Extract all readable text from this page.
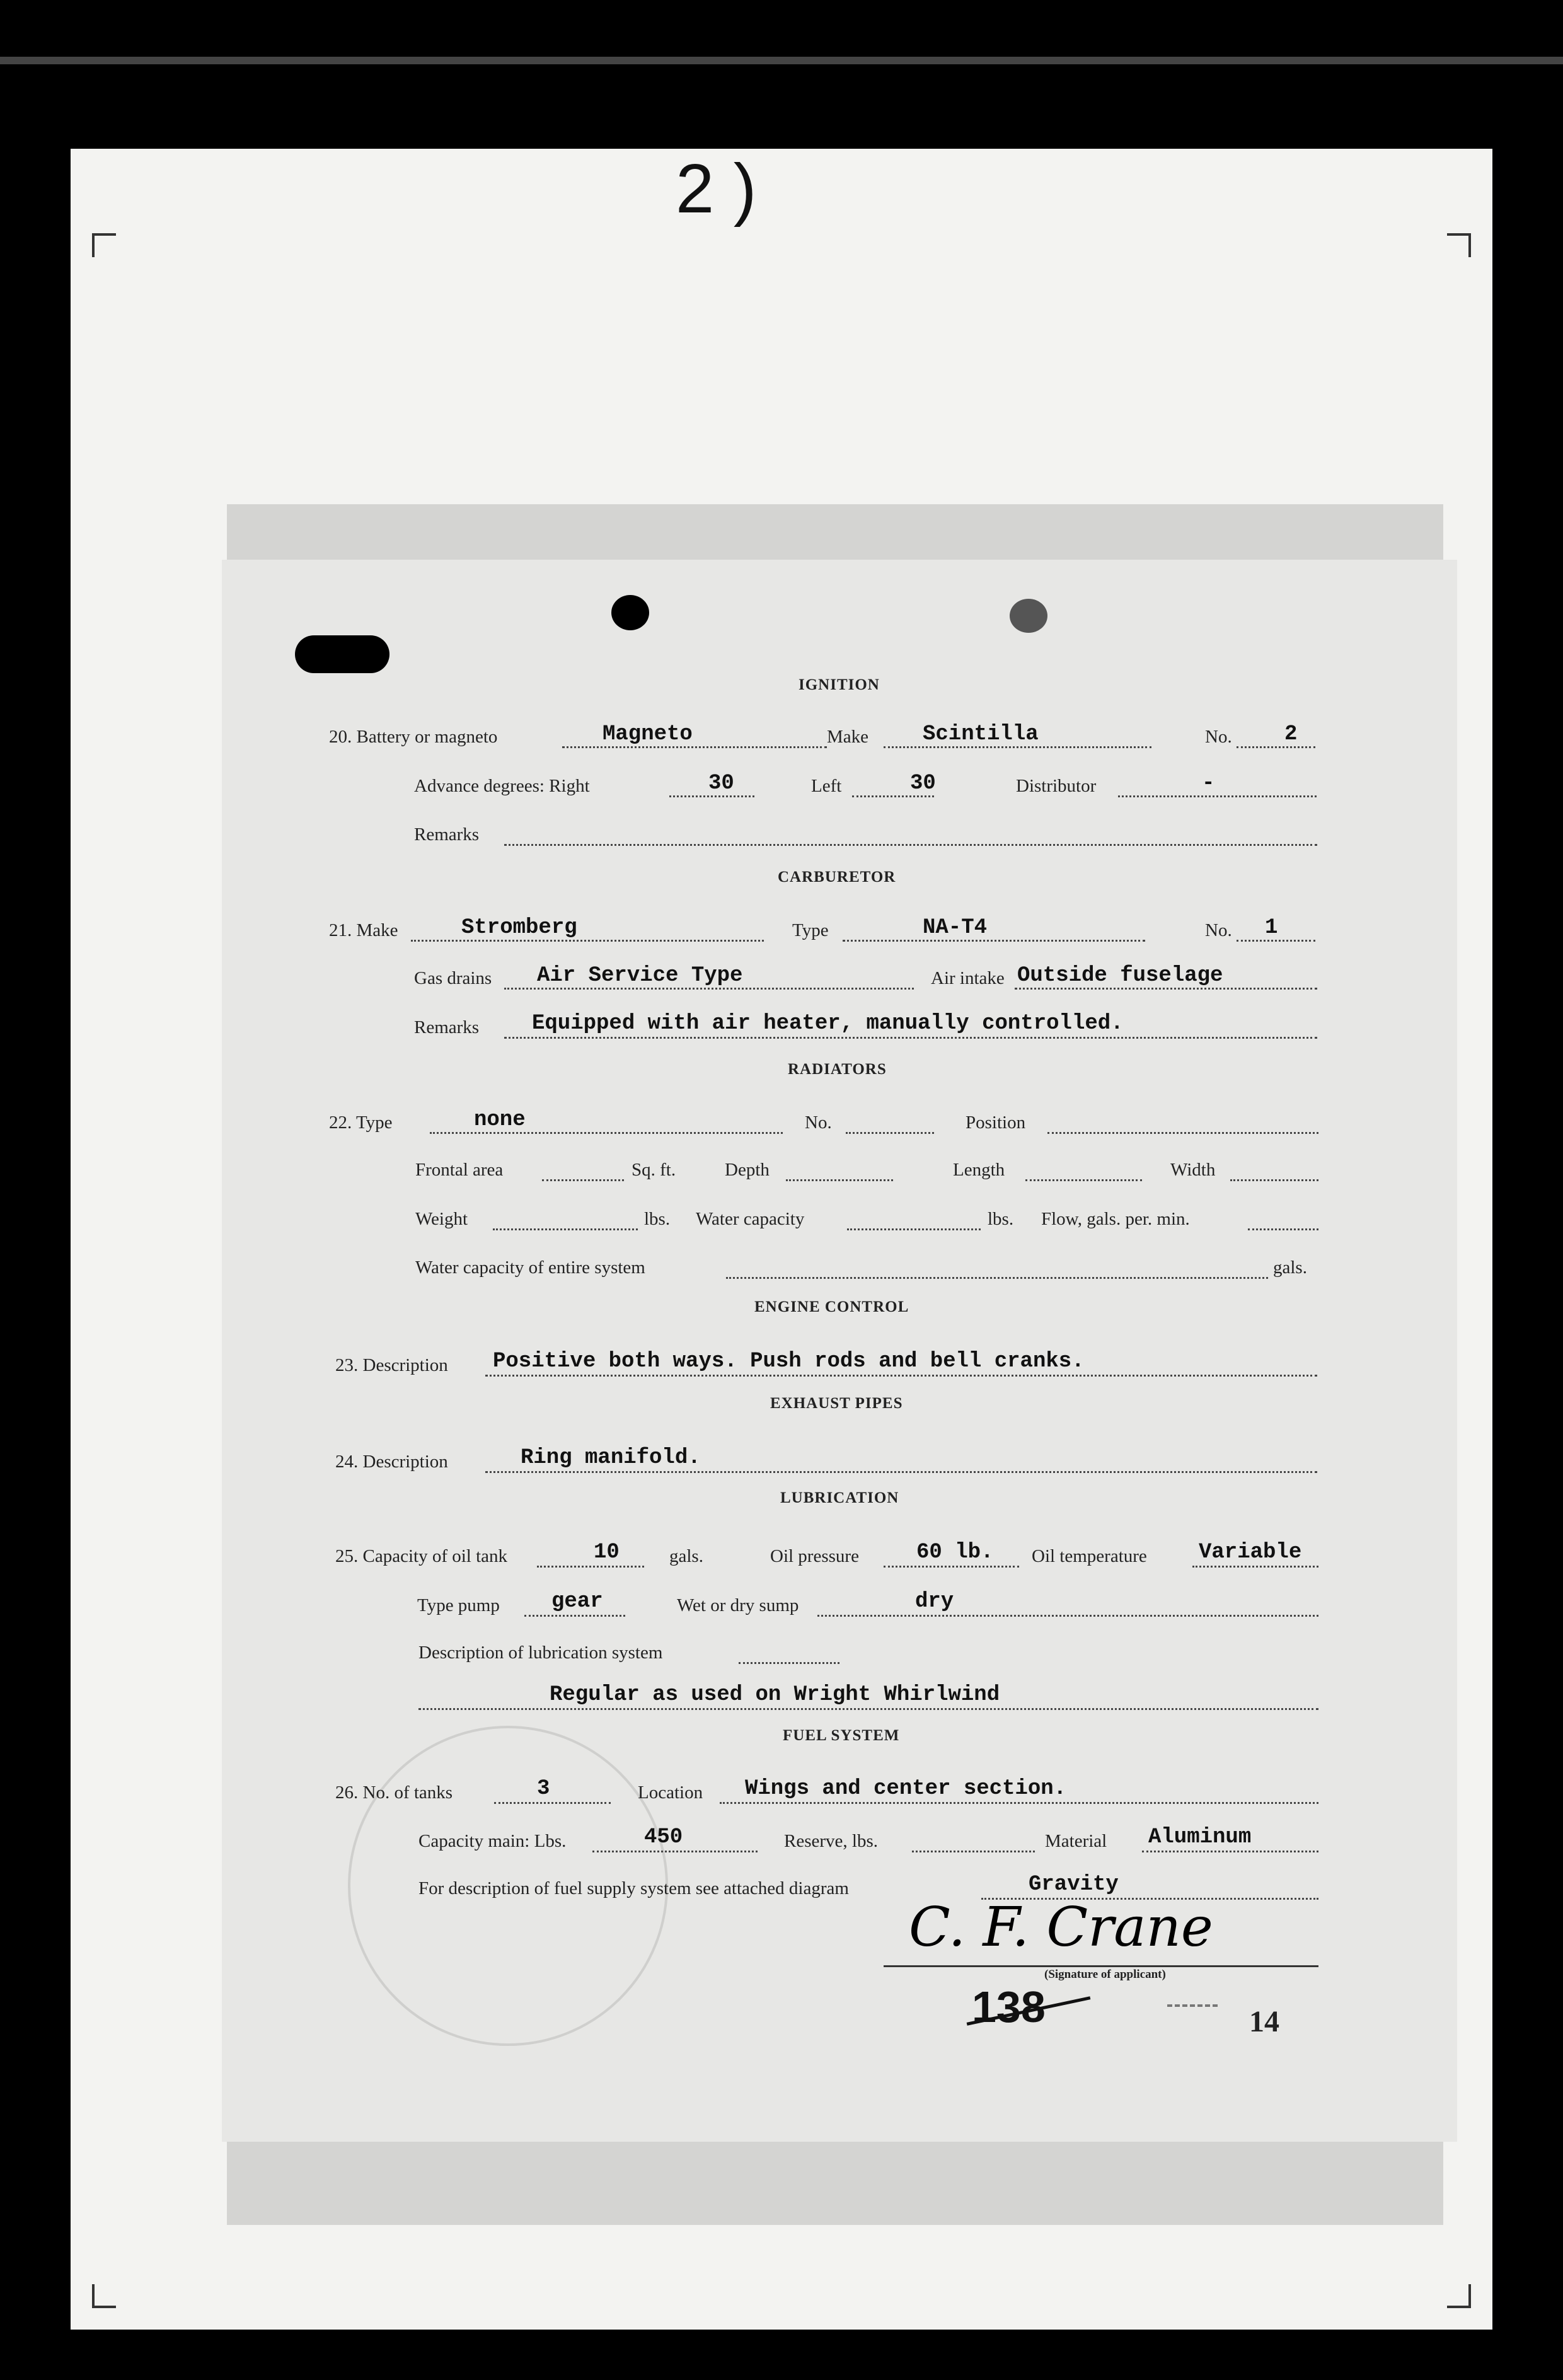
2 )
IGNITION
20. Battery or magneto	Magneto	Make	Scintilla	No. 2
Advance degrees: Right	30	Left	30	Distributor	-
Remarks
CARBURETOR
21. Make	Stromberg	Type	NA-T4	No. 1
Gas drains Air Service Type	Air intake Outside fuselage
Remarks Equipped with air heater, manually controlled.
RADIATORS
22. Type	none	No.	Position
Frontal area	Sq. ft.	Depth	Length	Width
Weight	lbs. Water capacity	lbs. Flow, gals. per. min.
Water capacity of entire system	gals.
ENGINE CONTROL
23. Description Positive both ways. Push rods and bell cranks.
EXHAUST PIPES
24. Description	Ring manifold.
LUBRICATION
25. Capacity of oil tank	10	gals.	Oil pressure	60 lb. Oil temperature Variable
Type pump gear	Wet or dry sump	dry
Description of lubrication system
Regular as used on Wright Whirlwind
FUEL SYSTEM
26. No. of tanks	3	Location Wings and center section.
Capacity main: Lbs.	450	Reserve, lbs.	Material Aluminum
For description of fuel supply system see attached diagram	Gravity
C. F. Crane
(Signature of applicant)
138	14
